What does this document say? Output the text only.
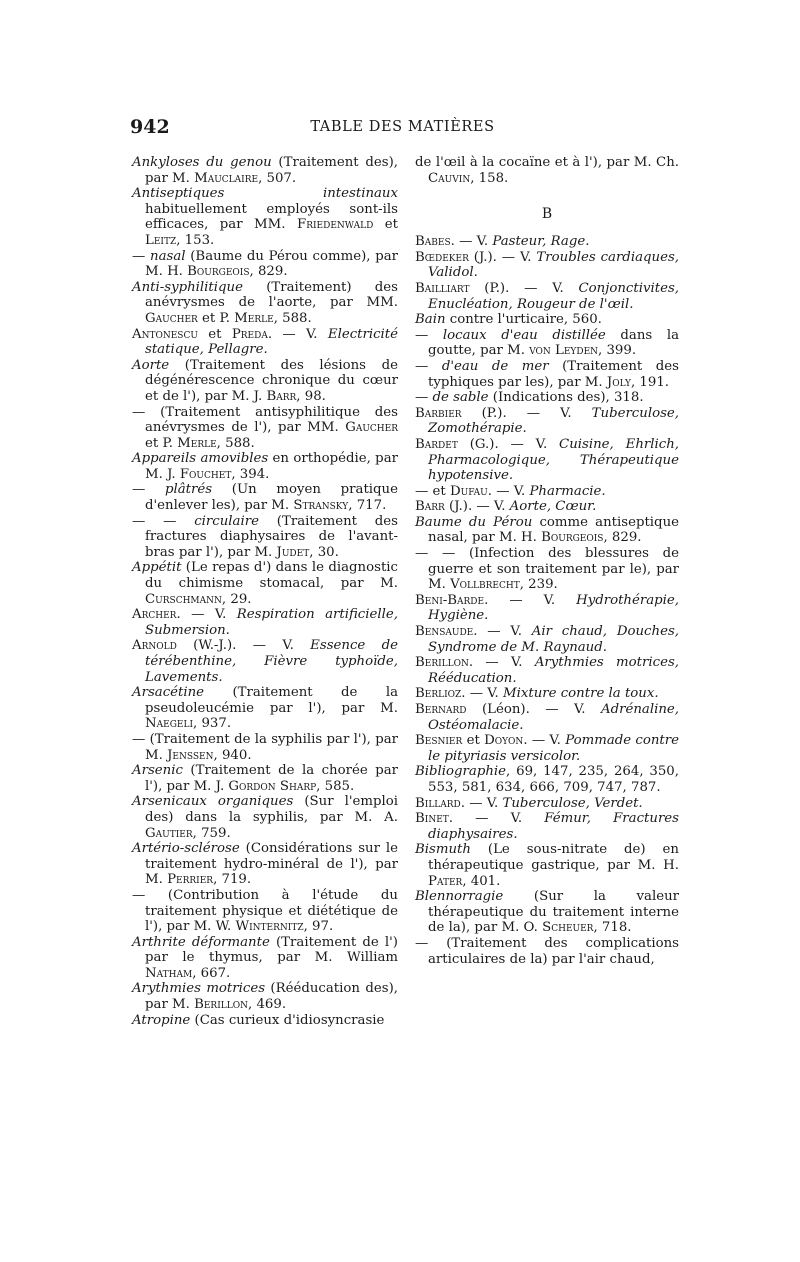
942	TABLE DES MATIÈRES

Ankyloses du genou (Traitement des), par M. Mauclaire, 507.

Antiseptiques intestinaux habituellement employés sont-ils efficaces, par MM. Friedenwald et Leitz, 153.

— nasal (Baume du Pérou comme), par M. H. Bourgeois, 829.

Anti-syphilitique (Traitement) des anévrysmes de l'aorte, par MM. Gaucher et P. Merle, 588.

Antonescu et Preda. — V. Electricité statique, Pellagre.

Aorte (Traitement des lésions de dégénérescence chronique du cœur et de l'), par M. J. Barr, 98.

— (Traitement antisyphilitique des anévrysmes de l'), par MM. Gaucher et P. Merle, 588.

Appareils amovibles en orthopédie, par M. J. Fouchet, 394.

— plâtrés (Un moyen pratique d'enlever les), par M. Stransky, 717.

— — circulaire (Traitement des fractures diaphysaires de l'avant-bras par l'), par M. Judet, 30.

Appétit (Le repas d') dans le diagnostic du chimisme stomacal, par M. Curschmann, 29.

Archer. — V. Respiration artificielle, Submersion.

Arnold (W.-J.). — V. Essence de térébenthine, Fièvre typhoïde, Lavements.

Arsacétine (Traitement de la pseudoleucémie par l'), par M. Naegeli, 937.

— (Traitement de la syphilis par l'), par M. Jenssen, 940.

Arsenic (Traitement de la chorée par l'), par M. J. Gordon Sharp, 585.

Arsenicaux organiques (Sur l'emploi des) dans la syphilis, par M. A. Gautier, 759.

Artério-sclérose (Considérations sur le traitement hydro-minéral de l'), par M. Perrier, 719.

— (Contribution à l'étude du traitement physique et diététique de l'), par M. W. Winternitz, 97.

Arthrite déformante (Traitement de l') par le thymus, par M. William Natham, 667.

Arythmies motrices (Rééducation des), par M. Berillon, 469.

Atropine (Cas curieux d'idiosyncrasie

de l'œil à la cocaïne et à l'), par M. Ch. Cauvin, 158.

B

Babes. — V. Pasteur, Rage.

Bœdeker (J.). — V. Troubles cardiaques, Validol.

Bailliart (P.). — V. Conjonctivites, Enucléation, Rougeur de l'œil.

Bain contre l'urticaire, 560.

— locaux d'eau distillée dans la goutte, par M. von Leyden, 399.

— d'eau de mer (Traitement des typhiques par les), par M. Joly, 191.

— de sable (Indications des), 318.

Barbier (P.). — V. Tuberculose, Zomothérapie.

Bardet (G.). — V. Cuisine, Ehrlich, Pharmacologique, Thérapeutique hypotensive.

— et Dufau. — V. Pharmacie.

Barr (J.). — V. Aorte, Cœur.

Baume du Pérou comme antiseptique nasal, par M. H. Bourgeois, 829.

— — (Infection des blessures de guerre et son traitement par le), par M. Vollbrecht, 239.

Beni-Barde. — V. Hydrothérapie, Hygiène.

Bensaude. — V. Air chaud, Douches, Syndrome de M. Raynaud.

Berillon. — V. Arythmies motrices, Rééducation.

Berlioz. — V. Mixture contre la toux.

Bernard (Léon). — V. Adrénaline, Ostéomalacie.

Besnier et Doyon. — V. Pommade contre le pityriasis versicolor.

Bibliographie, 69, 147, 235, 264, 350, 553, 581, 634, 666, 709, 747, 787.

Billard. — V. Tuberculose, Verdet.

Binet. — V. Fémur, Fractures diaphysaires.

Bismuth (Le sous-nitrate de) en thérapeutique gastrique, par M. H. Pater, 401.

Blennorragie (Sur la valeur thérapeutique du traitement interne de la), par M. O. Scheuer, 718.

— (Traitement des complications articulaires de la) par l'air chaud,
